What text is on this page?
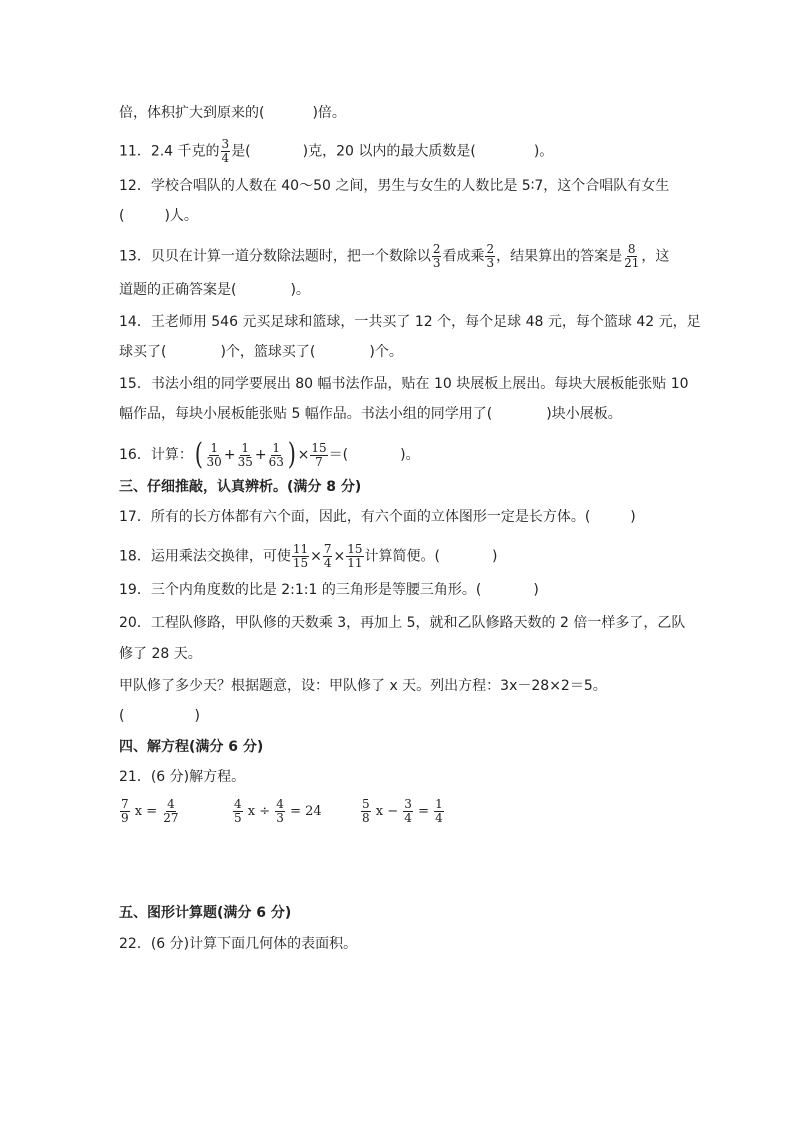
倍，体积扩大到原来的(	)倍。
11．2.4 千克的 $\frac{3}{4}$ 是(	)克，20 以内的最大质数是(	)。
12．学校合唱队的人数在 40～50 之间，男生与女生的人数比是 5∶7，这个合唱队有女生
(	)人。
13．贝贝在计算一道分数除法题时，把一个数除以 $\frac{2}{3}$ 看成乘 $\frac{2}{3}$ ，结果算出的答案是 $\frac{8}{21}$ ，这
道题的正确答案是(	)。
14．王老师用 546 元买足球和篮球，一共买了 12 个，每个足球 48 元，每个篮球 42 元，足
球买了(	)个，篮球买了(	)个。
15．书法小组的同学要展出 80 幅书法作品，贴在 10 块展板上展出。每块大展板能张贴 10
幅作品，每块小展板能张贴 5 幅作品。书法小组的同学用了(	)块小展板。
16．计算：( $\frac{1}{30} + \frac{1}{35} + \frac{1}{63}$ ) × $\frac{15}{7}$ ＝(	)。
三、仔细推敲，认真辨析。(满分 8 分)
17．所有的长方体都有六个面，因此，有六个面的立体图形一定是长方体。(	)
18．运用乘法交换律，可使 $\frac{11}{15} \times \frac{7}{4} \times \frac{15}{11}$ 计算简便。(	)
19．三个内角度数的比是 2:1:1 的三角形是等腰三角形。(	)
20．工程队修路，甲队修的天数乘 3，再加上 5，就和乙队修路天数的 2 倍一样多了，乙队
修了 28 天。
甲队修了多少天？根据题意，设：甲队修了 x 天。列出方程：3x－28×2＝5。
(	)
四、解方程(满分 6 分)
21．(6 分)解方程。
$\frac{7}{9}$ $x = \frac{4}{27}$	$\frac{4}{5}$ $x \div \frac{4}{3} = 24$	$\frac{5}{8}$ $x - \frac{3}{4} = \frac{1}{4}$
五、图形计算题(满分 6 分)
22．(6 分)计算下面几何体的表面积。
